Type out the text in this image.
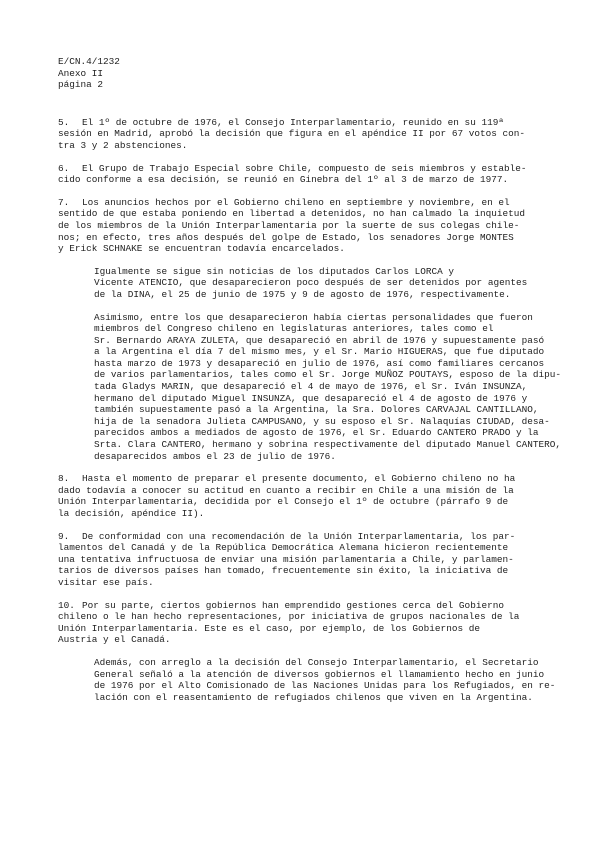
E/CN.4/1232
Anexo II
página 2
5. El 1º de octubre de 1976, el Consejo Interparlamentario, reunido en su 119ª
sesión en Madrid, aprobó la decisión que figura en el apéndice II por 67 votos con-
tra 3 y 2 abstenciones.
6. El Grupo de Trabajo Especial sobre Chile, compuesto de seis miembros y estable-
cido conforme a esa decisión, se reunió en Ginebra del 1º al 3 de marzo de 1977.
7. Los anuncios hechos por el Gobierno chileno en septiembre y noviembre, en el
sentido de que estaba poniendo en libertad a detenidos, no han calmado la inquietud
de los miembros de la Unión Interparlamentaria por la suerte de sus colegas chile-
nos; en efecto, tres años después del golpe de Estado, los senadores Jorge MONTES
y Erick SCHNAKE se encuentran todavía encarcelados.
Igualmente se sigue sin noticias de los diputados Carlos LORCA y
Vicente ATENCIO, que desaparecieron poco después de ser detenidos por agentes
de la DINA, el 25 de junio de 1975 y 9 de agosto de 1976, respectivamente.
Asimismo, entre los que desaparecieron había ciertas personalidades que fueron
miembros del Congreso chileno en legislaturas anteriores, tales como el
Sr. Bernardo ARAYA ZULETA, que desapareció en abril de 1976 y supuestamente pasó
a la Argentina el día 7 del mismo mes, y el Sr. Mario HIGUERAS, que fue diputado
hasta marzo de 1973 y desapareció en julio de 1976, así como familiares cercanos
de varios parlamentarios, tales como el Sr. Jorge MUÑOZ POUTAYS, esposo de la dipu-
tada Gladys MARIN, que desapareció el 4 de mayo de 1976, el Sr. Iván INSUNZA,
hermano del diputado Miguel INSUNZA, que desapareció el 4 de agosto de 1976 y
también supuestamente pasó a la Argentina, la Sra. Dolores CARVAJAL CANTILLANO,
hija de la senadora Julieta CAMPUSANO, y su esposo el Sr. Nalaquías CIUDAD, desa-
parecidos ambos a mediados de agosto de 1976, el Sr. Eduardo CANTERO PRADO y la
Srta. Clara CANTERO, hermano y sobrina respectivamente del diputado Manuel CANTERO,
desaparecidos ambos el 23 de julio de 1976.
8. Hasta el momento de preparar el presente documento, el Gobierno chileno no ha
dado todavía a conocer su actitud en cuanto a recibir en Chile a una misión de la
Unión Interparlamentaria, decidida por el Consejo el 1º de octubre (párrafo 9 de
la decisión, apéndice II).
9. De conformidad con una recomendación de la Unión Interparlamentaria, los par-
lamentos del Canadá y de la República Democrática Alemana hicieron recientemente
una tentativa infructuosa de enviar una misión parlamentaria a Chile, y parlamen-
tarios de diversos países han tomado, frecuentemente sin éxito, la iniciativa de
visitar ese país.
10. Por su parte, ciertos gobiernos han emprendido gestiones cerca del Gobierno
chileno o le han hecho representaciones, por iniciativa de grupos nacionales de la
Unión Interparlamentaria. Este es el caso, por ejemplo, de los Gobiernos de
Austria y el Canadá.
Además, con arreglo a la decisión del Consejo Interparlamentario, el Secretario
General señaló a la atención de diversos gobiernos el llamamiento hecho en junio
de 1976 por el Alto Comisionado de las Naciones Unidas para los Refugiados, en re-
lación con el reasentamiento de refugiados chilenos que viven en la Argentina.
